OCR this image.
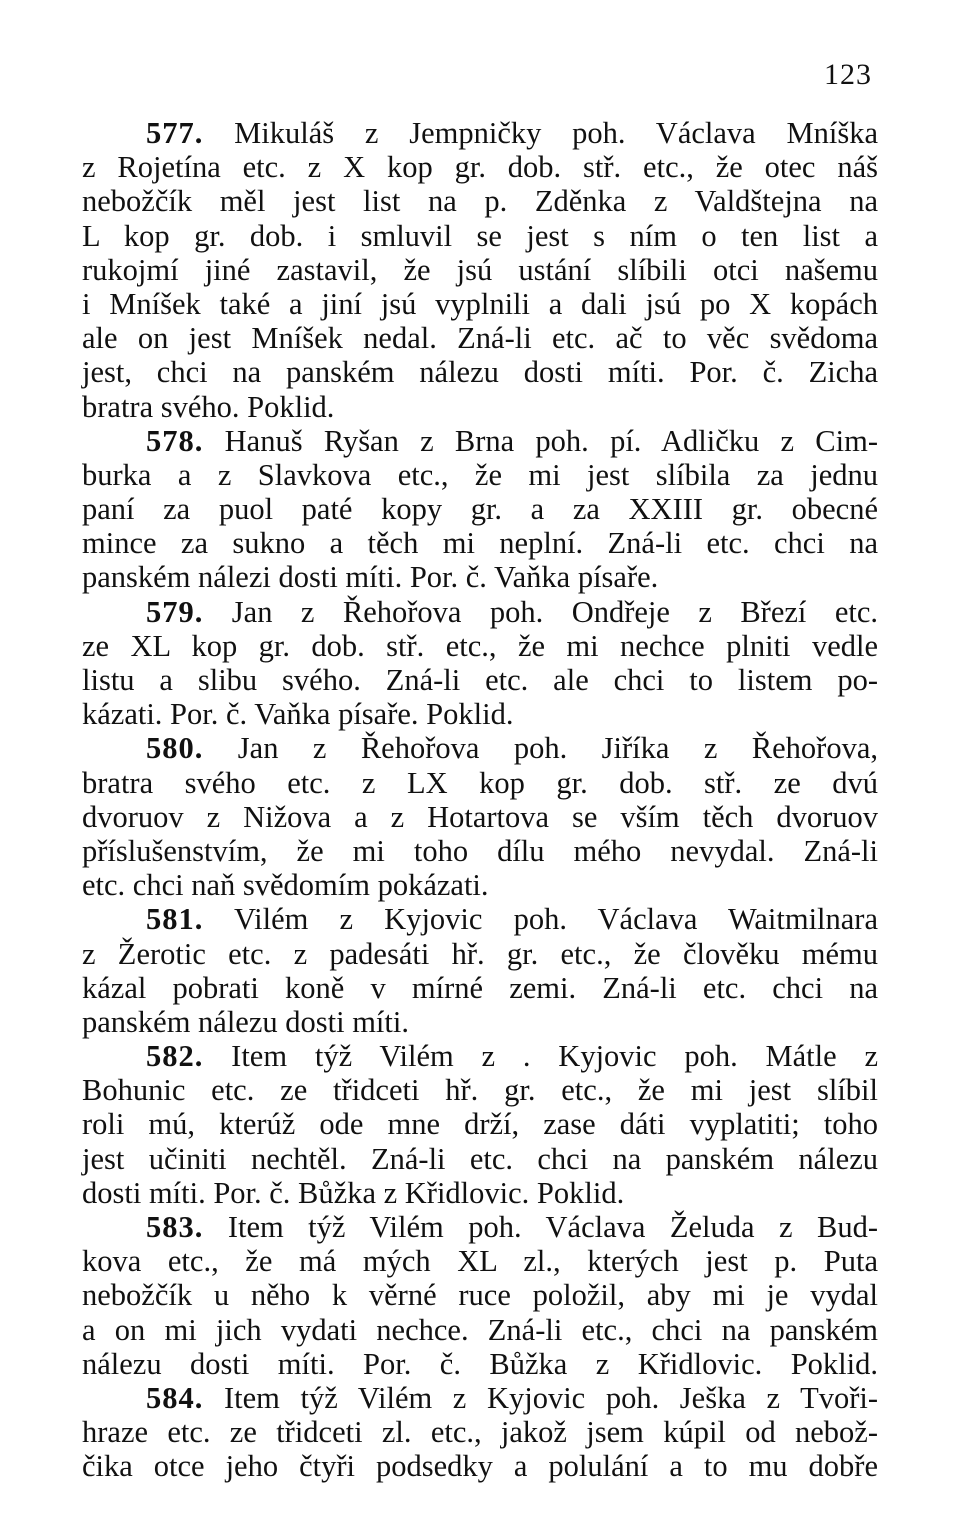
123
577. Mikuláš z Jempničky poh. Václava Mníška
z Rojetína etc. z X kop gr. dob. stř. etc., že otec náš
nebožčík měl jest list na p. Zděnka z Valdštejna na
L kop gr. dob. i smluvil se jest s ním o ten list a
rukojmí jiné zastavil, že jsú ustání slíbili otci našemu
i Mníšek také a jiní jsú vyplnili a dali jsú po X kopách
ale on jest Mníšek nedal. Zná-li etc. ač to věc svědoma
jest, chci na panském nálezu dosti míti. Por. č. Zicha
bratra svého. Poklid.
578. Hanuš Ryšan z Brna poh. pí. Adličku z Cim-
burka a z Slavkova etc., že mi jest slíbila za jednu
paní za puol paté kopy gr. a za XXIII gr. obecné
mince za sukno a těch mi neplní. Zná-li etc. chci na
panském nálezi dosti míti. Por. č. Vaňka písaře.
579. Jan z Řehořova poh. Ondřeje z Březí etc.
ze XL kop gr. dob. stř. etc., že mi nechce plniti vedle
listu a slibu svého. Zná-li etc. ale chci to listem po-
kázati. Por. č. Vaňka písaře. Poklid.
580. Jan z Řehořova poh. Jiříka z Řehořova,
bratra svého etc. z LX kop gr. dob. stř. ze dvú
dvoruov z Nižova a z Hotartova se vším těch dvoruov
příslušenstvím, že mi toho dílu mého nevydal. Zná-li
etc. chci naň svědomím pokázati.
581. Vilém z Kyjovic poh. Václava Waitmilnara
z Žerotic etc. z padesáti hř. gr. etc., že člověku mému
kázal pobrati koně v mírné zemi. Zná-li etc. chci na
panském nálezu dosti míti.
582. Item týž Vilém z . Kyjovic poh. Mátle z
Bohunic etc. ze třidceti hř. gr. etc., že mi jest slíbil
roli mú, kterúž ode mne drží, zase dáti vyplatiti; toho
jest učiniti nechtěl. Zná-li etc. chci na panském nálezu
dosti míti. Por. č. Bůžka z Křidlovic. Poklid.
583. Item týž Vilém poh. Václava Želuda z Bud-
kova etc., že má mých XL zl., kterých jest p. Puta
nebožčík u něho k věrné ruce položil, aby mi je vydal
a on mi jich vydati nechce. Zná-li etc., chci na panském
nálezu dosti míti. Por. č. Bůžka z Křidlovic. Poklid.
584. Item týž Vilém z Kyjovic poh. Ješka z Tvoři-
hraze etc. ze třidceti zl. etc., jakož jsem kúpil od nebož-
čika otce jeho čtyři podsedky a polulání a to mu dobře
